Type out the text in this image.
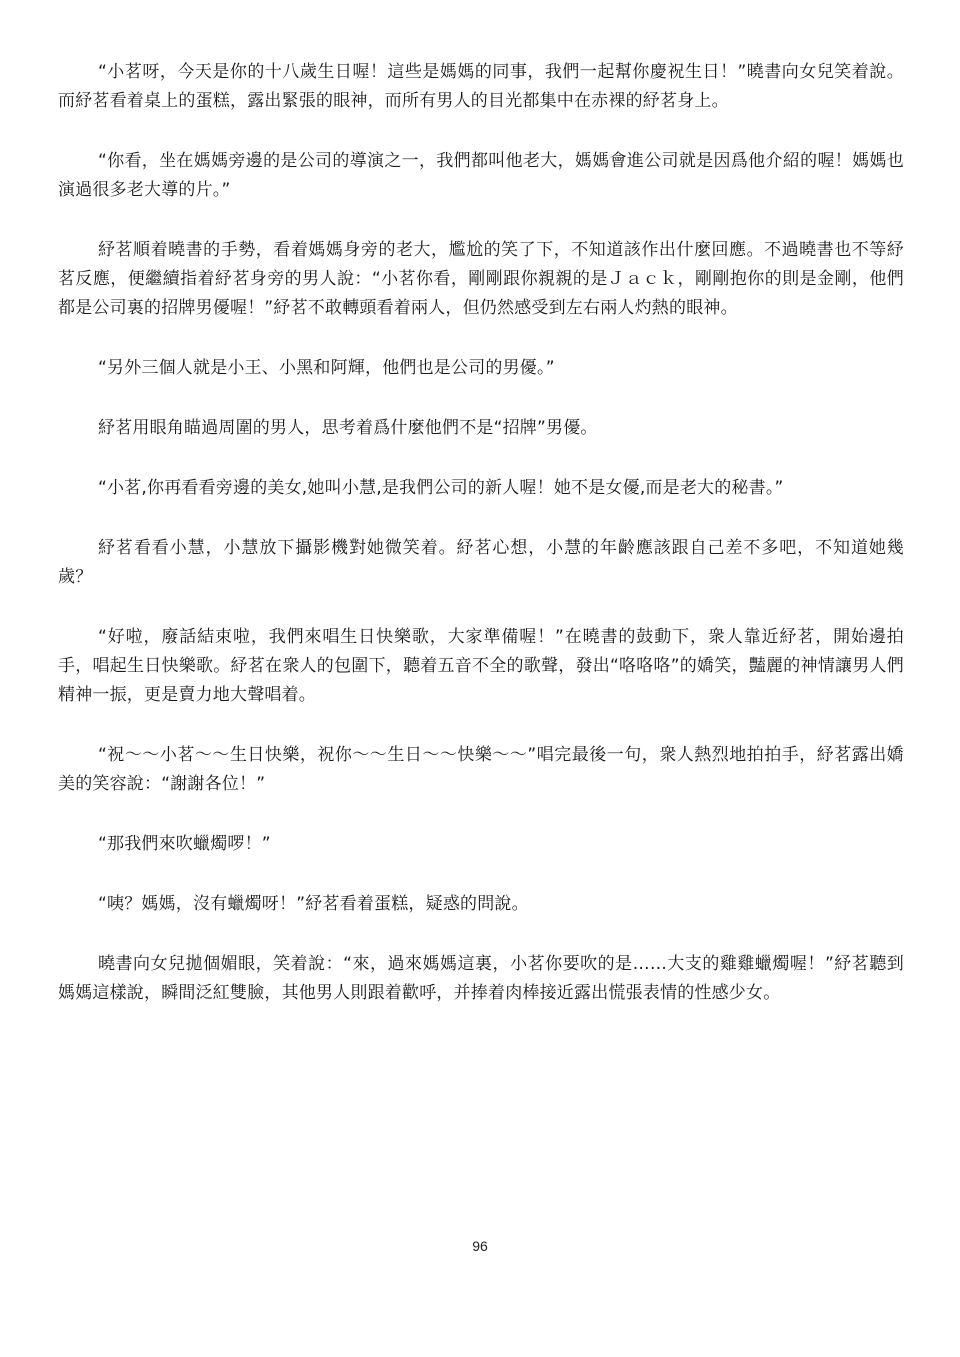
“小茗呀，今天是你的十八歲生日喔！這些是媽媽的同事，我們一起幫你慶祝生日！”曉書向女兒笑着說。而紓茗看着桌上的蛋糕，露出緊張的眼神，而所有男人的目光都集中在赤裸的紓茗身上。

“你看，坐在媽媽旁邊的是公司的導演之一，我們都叫他老大，媽媽會進公司就是因爲他介紹的喔！媽媽也演過很多老大導的片。”

紓茗順着曉書的手勢，看着媽媽身旁的老大，尷尬的笑了下，不知道該作出什麼回應。不過曉書也不等紓茗反應，便繼續指着紓茗身旁的男人說：“小茗你看，剛剛跟你親親的是Ｊａｃｋ，剛剛抱你的則是金剛，他們都是公司裏的招牌男優喔！”紓茗不敢轉頭看着兩人，但仍然感受到左右兩人灼熱的眼神。

“另外三個人就是小王、小黑和阿輝，他們也是公司的男優。”

紓茗用眼角瞄過周圍的男人，思考着爲什麼他們不是“招牌”男優。

“小茗,你再看看旁邊的美女,她叫小慧,是我們公司的新人喔！她不是女優,而是老大的秘書。”

紓茗看看小慧，小慧放下攝影機對她微笑着。紓茗心想，小慧的年齡應該跟自己差不多吧，不知道她幾歲？

“好啦，廢話結束啦，我們來唱生日快樂歌，大家準備喔！”在曉書的鼓動下，衆人靠近紓茗，開始邊拍手，唱起生日快樂歌。紓茗在衆人的包圍下，聽着五音不全的歌聲，發出“咯咯咯”的嬌笑，豔麗的神情讓男人們精神一振，更是賣力地大聲唱着。

“祝～～小茗～～生日快樂，祝你～～生日～～快樂～～”唱完最後一句，衆人熱烈地拍拍手，紓茗露出嬌美的笑容說：“謝謝各位！”

“那我們來吹蠟燭啰！”

“咦？媽媽，沒有蠟燭呀！”紓茗看着蛋糕，疑惑的問說。

曉書向女兒拋個媚眼，笑着說：“來，過來媽媽這裏，小茗你要吹的是……大支的雞雞蠟燭喔！”紓茗聽到媽媽這樣說，瞬間泛紅雙臉，其他男人則跟着歡呼，并捧着肉棒接近露出慌張表情的性感少女。

96
